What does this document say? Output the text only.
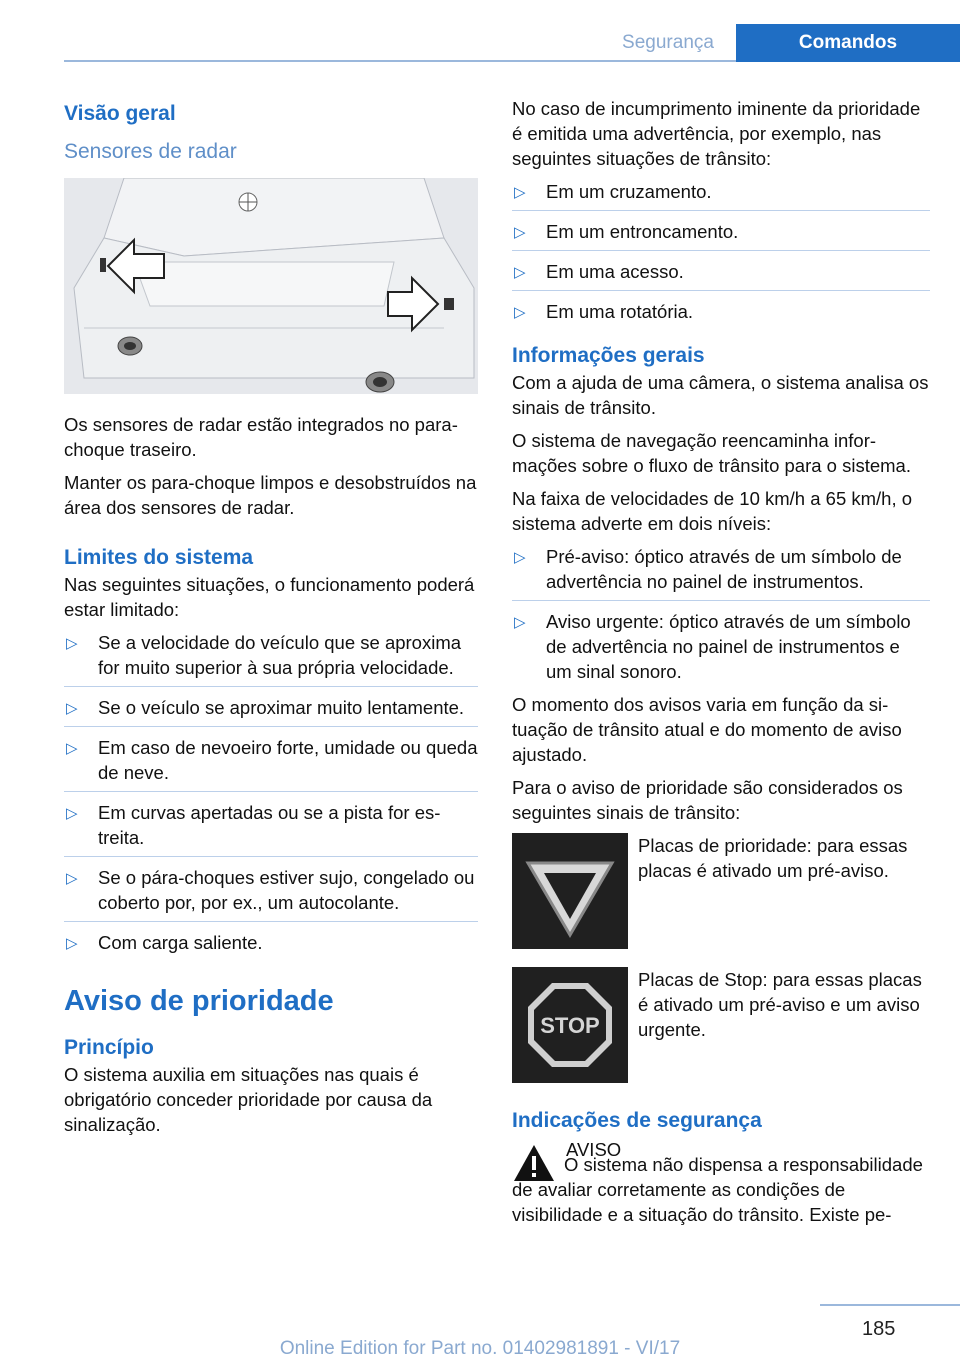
Segurança	Comandos
Visão geral
Sensores de radar

Os sensores de radar estão integrados no para-choque traseiro.

Manter os para-choque limpos e desobstruídos na área dos sensores de radar.

Limites do sistema

Nas seguintes situações, o funcionamento poderá estar limitado:

▷ Se a velocidade do veículo que se aproxima for muito superior à sua própria velocidade.
▷ Se o veículo se aproximar muito lentamente.
▷ Em caso de nevoeiro forte, umidade ou queda de neve.
▷ Em curvas apertadas ou se a pista for estreita.
▷ Se o pára-choques estiver sujo, congelado ou coberto por, por ex., um autocolante.
▷ Com carga saliente.
Aviso de prioridade
Princípio

O sistema auxilia em situações nas quais é obrigatório conceder prioridade por causa da sinalização.

No caso de incumprimento iminente da prioridade é emitida uma advertência, por exemplo, nas seguintes situações de trânsito:

▷ Em um cruzamento.
▷ Em um entroncamento.
▷ Em uma acesso.
▷ Em uma rotatória.
Informações gerais

Com a ajuda de uma câmera, o sistema analisa os sinais de trânsito.

O sistema de navegação reencaminha informações sobre o fluxo de trânsito para o sistema.

Na faixa de velocidades de 10 km/h a 65 km/h, o sistema adverte em dois níveis:

▷ Pré-aviso: óptico através de um símbolo de advertência no painel de instrumentos.
▷ Aviso urgente: óptico através de um símbolo de advertência no painel de instrumentos e um sinal sonoro.

O momento dos avisos varia em função da situação de trânsito atual e do momento de aviso ajustado.

Para o aviso de prioridade são considerados os seguintes sinais de trânsito:

Placas de prioridade: para essas placas é ativado um pré-aviso.

STOP

Placas de Stop: para essas placas é ativado um pré-aviso e um aviso urgente.

Indicações de segurança

AVISO

O sistema não dispensa a responsabilidade de avaliar corretamente as condições de visibilidade e a situação do trânsito. Existe pe-

185
Online Edition for Part no. 01402981891 - VI/17
